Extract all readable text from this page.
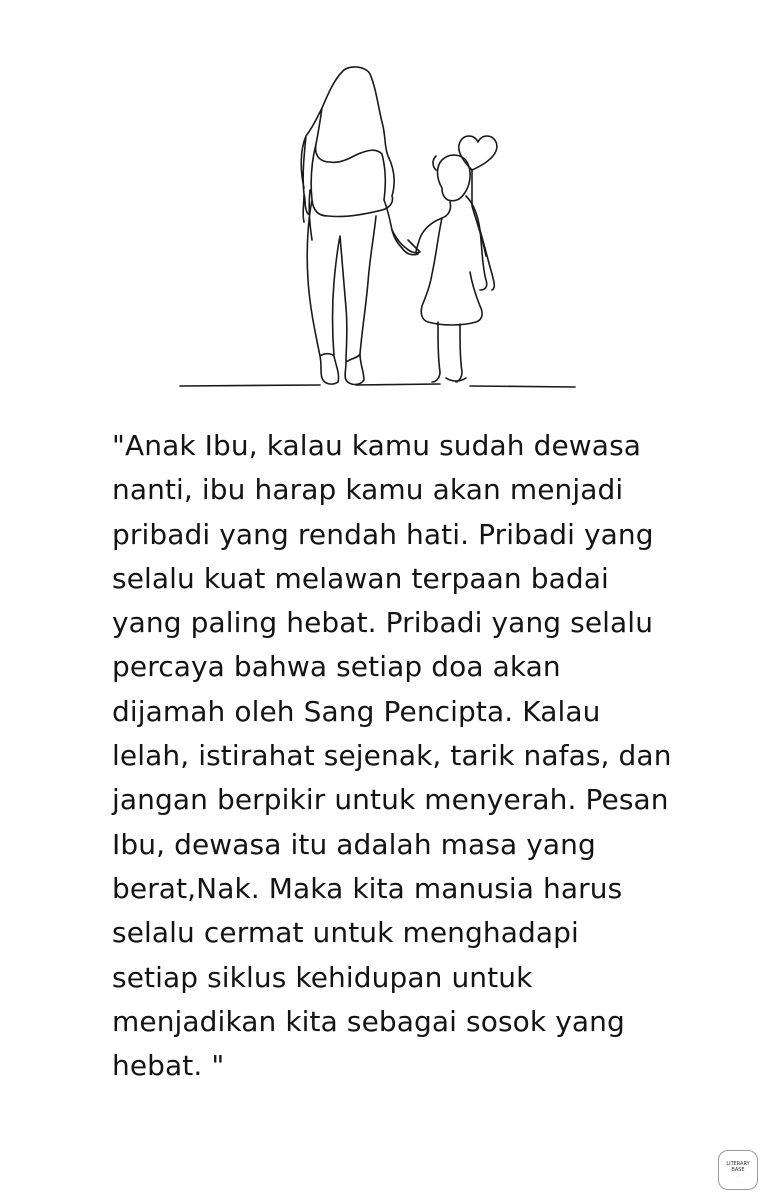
"Anak Ibu, kalau kamu sudah dewasa
nanti, ibu harap kamu akan menjadi
pribadi yang rendah hati. Pribadi yang
selalu kuat melawan terpaan badai
yang paling hebat. Pribadi yang selalu
percaya bahwa setiap doa akan
dijamah oleh Sang Pencipta. Kalau
lelah, istirahat sejenak, tarik nafas, dan
jangan berpikir untuk menyerah. Pesan
Ibu, dewasa itu adalah masa yang
berat,Nak. Maka kita manusia harus
selalu cermat untuk menghadapi
setiap siklus kehidupan untuk
menjadikan kita sebagai sosok yang
hebat. "

LITERARY
BASE
· · ·
